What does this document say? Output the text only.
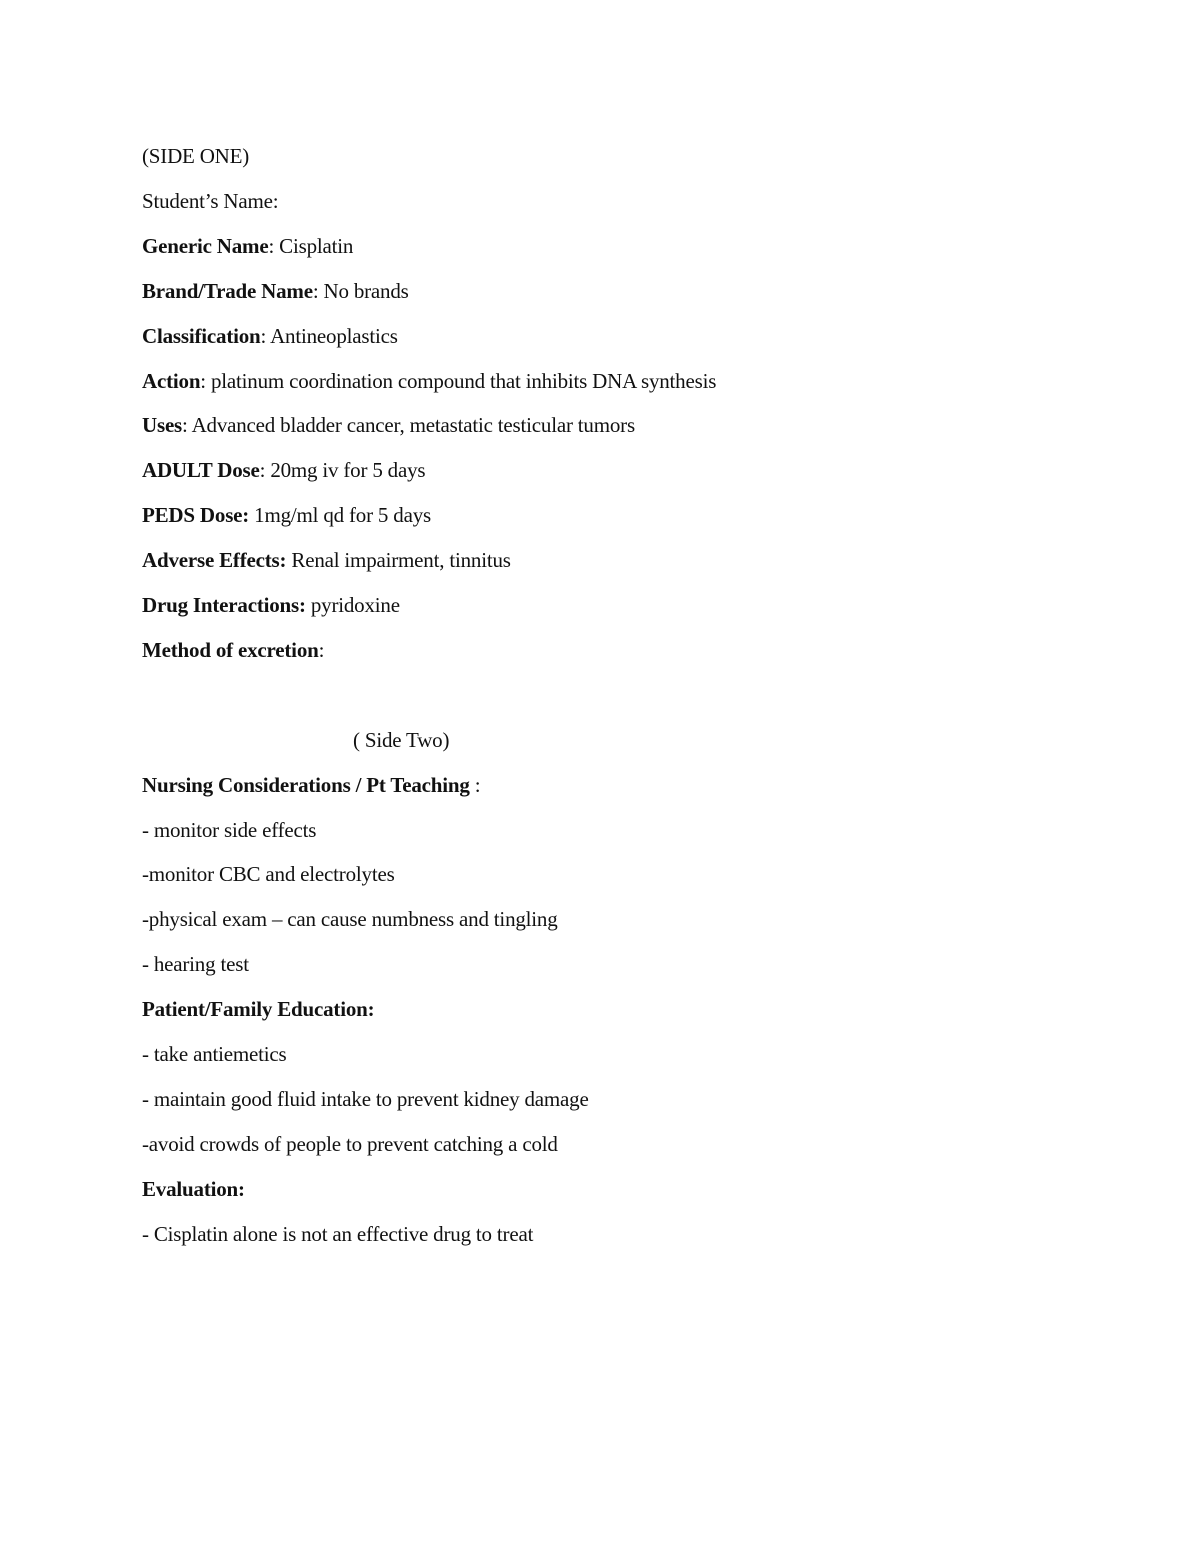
(SIDE ONE)
Student’s Name:
Generic Name: Cisplatin
Brand/Trade Name: No brands
Classification: Antineoplastics
Action: platinum coordination compound that inhibits DNA synthesis
Uses: Advanced bladder cancer, metastatic testicular tumors
ADULT Dose: 20mg iv for 5 days
PEDS Dose: 1mg/ml qd for 5 days
Adverse Effects: Renal impairment, tinnitus
Drug Interactions: pyridoxine
Method of excretion:
( Side Two)
Nursing Considerations / Pt Teaching :
- monitor side effects
-monitor CBC and electrolytes
-physical exam – can cause numbness and tingling
- hearing test
Patient/Family Education:
- take antiemetics
- maintain good fluid intake to prevent kidney damage
-avoid crowds of people to prevent catching a cold
Evaluation:
- Cisplatin alone is not an effective drug to treat
